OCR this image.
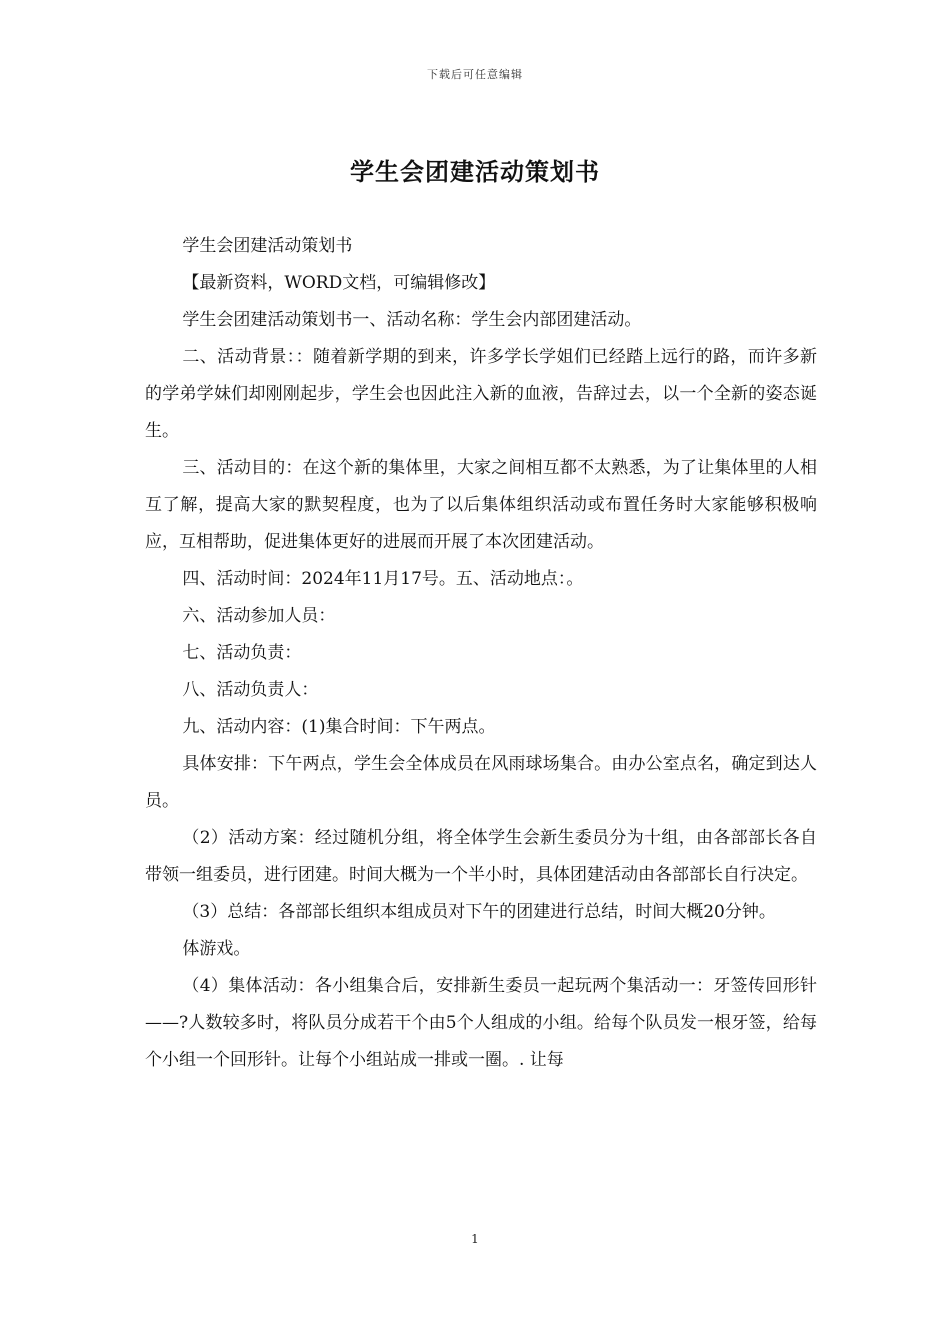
下载后可任意编辑
学生会团建活动策划书

学生会团建活动策划书

【最新资料，WORD文档，可编辑修改】

学生会团建活动策划书一、活动名称：学生会内部团建活动。

二、活动背景：：随着新学期的到来，许多学长学姐们已经踏上远行的路，而许多新的学弟学妹们却刚刚起步，学生会也因此注入新的血液，告辞过去，以一个全新的姿态诞生。

三、活动目的：在这个新的集体里，大家之间相互都不太熟悉，为了让集体里的人相互了解，提高大家的默契程度，也为了以后集体组织活动或布置任务时大家能够积极响应，互相帮助，促进集体更好的进展而开展了本次团建活动。

四、活动时间：2024年11月17号。五、活动地点：。

六、活动参加人员：

七、活动负责：

八、活动负责人：

九、活动内容：(1)集合时间：下午两点。

具体安排：下午两点，学生会全体成员在风雨球场集合。由办公室点名，确定到达人员。

（2）活动方案：经过随机分组，将全体学生会新生委员分为十组，由各部部长各自带领一组委员，进行团建。时间大概为一个半小时，具体团建活动由各部部长自行决定。

（3）总结：各部部长组织本组成员对下午的团建进行总结，时间大概20分钟。

体游戏。

（4）集体活动：各小组集合后，安排新生委员一起玩两个集活动一：牙签传回形针——?人数较多时，将队员分成若干个由5个人组成的小组。给每个队员发一根牙签，给每个小组一个回形针。让每个小组站成一排或一圈。. 让每

1
